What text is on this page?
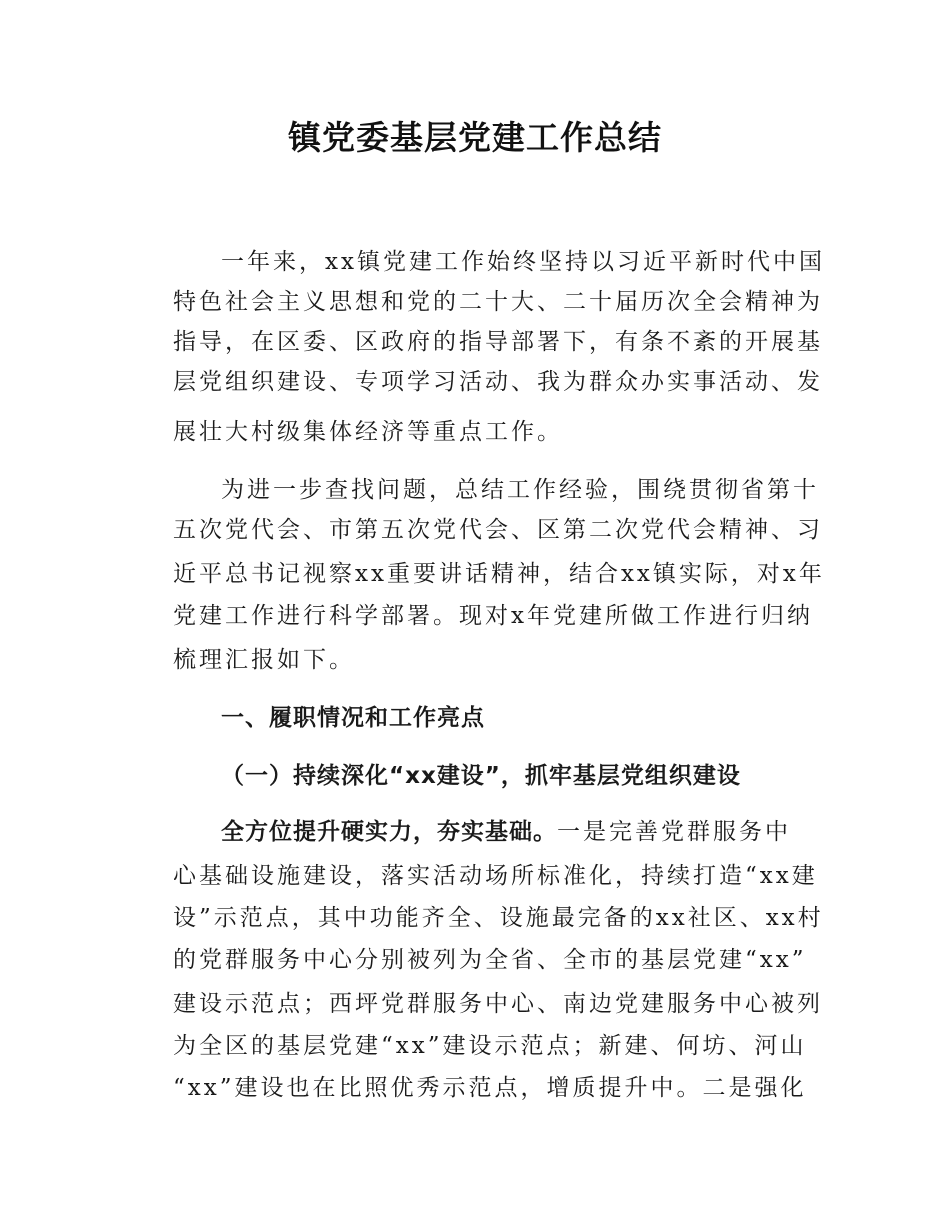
镇党委基层党建工作总结

一年来，xx镇党建工作始终坚持以习近平新时代中国

特色社会主义思想和党的二十大、二十届历次全会精神为

指导，在区委、区政府的指导部署下，有条不紊的开展基

层党组织建设、专项学习活动、我为群众办实事活动、发

展壮大村级集体经济等重点工作。

为进一步查找问题，总结工作经验，围绕贯彻省第十

五次党代会、市第五次党代会、区第二次党代会精神、习

近平总书记视察xx重要讲话精神，结合xx镇实际，对x年

党建工作进行科学部署。现对x年党建所做工作进行归纳

梳理汇报如下。

一、履职情况和工作亮点

（一）持续深化“xx建设”，抓牢基层党组织建设

全方位提升硬实力，夯实基础。一是完善党群服务中

心基础设施建设，落实活动场所标准化，持续打造“xx建

设”示范点，其中功能齐全、设施最完备的xx社区、xx村

的党群服务中心分别被列为全省、全市的基层党建“xx”

建设示范点；西坪党群服务中心、南边党建服务中心被列

为全区的基层党建“xx”建设示范点；新建、何坊、河山

“xx”建设也在比照优秀示范点，增质提升中。二是强化
